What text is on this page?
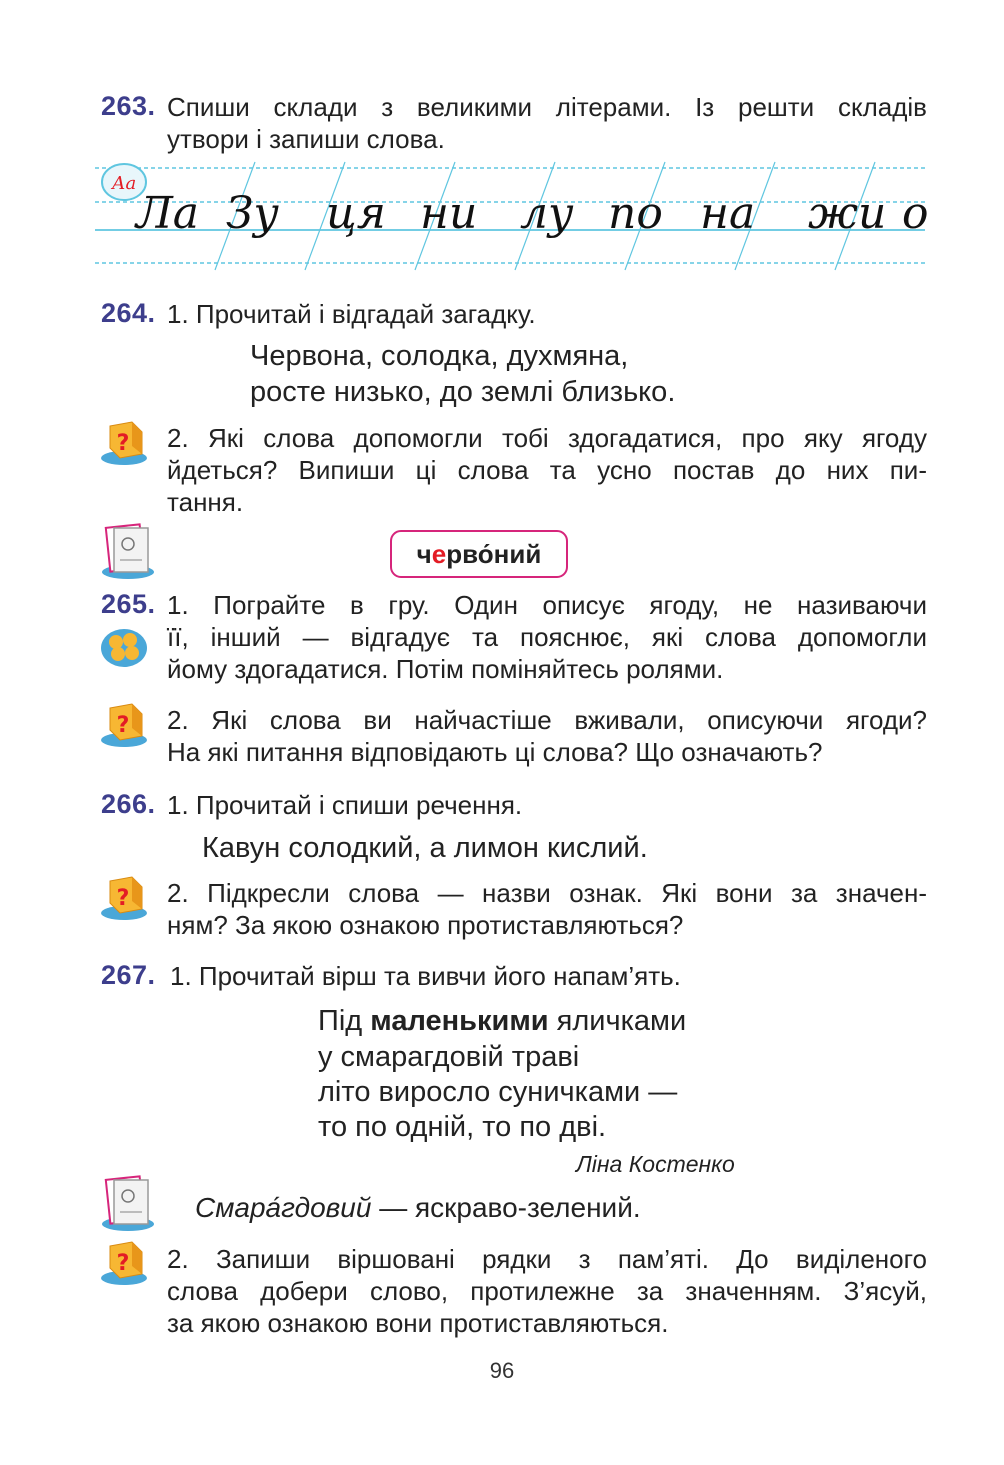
263. Спиши склади з великими літерами. Із решти складів
утвори і запиши слова.
Аа
Ла Зу ця ни лу по на жи о
264. 1. Прочитай і відгадай загадку.
Червона, солодка, духмяна,
росте низько, до землі близько.
? 2. Які слова допомогли тобі здогадатися, про яку ягоду
йдеться? Випиши ці слова та усно постав до них пи-
тання.
черво́ний
265. 1. Пограйте в гру. Один описує ягоду, не називаючи
її, інший — відгадує та пояснює, які слова допомогли
йому здогадатися. Потім поміняйтесь ролями.
? 2. Які слова ви найчастіше вживали, описуючи ягоди?
На які питання відповідають ці слова? Що означають?
266. 1. Прочитай і спиши речення.
Кавун солодкий, а лимон кислий.
? 2. Підкресли слова — назви ознак. Які вони за значен-
ням? За якою ознакою протиставляються?
267. 1. Прочитай вірш та вивчи його напам’ять.
Під маленькими яличками
у смарагдовій траві
літо виросло суничками —
то по одній, то по дві.
Ліна Костенко
Смара́гдовий — яскраво-зелений.
? 2. Запиши віршовані рядки з пам’яті. До виділеного
слова добери слово, протилежне за значенням. З’ясуй,
за якою ознакою вони протиставляються.
96
